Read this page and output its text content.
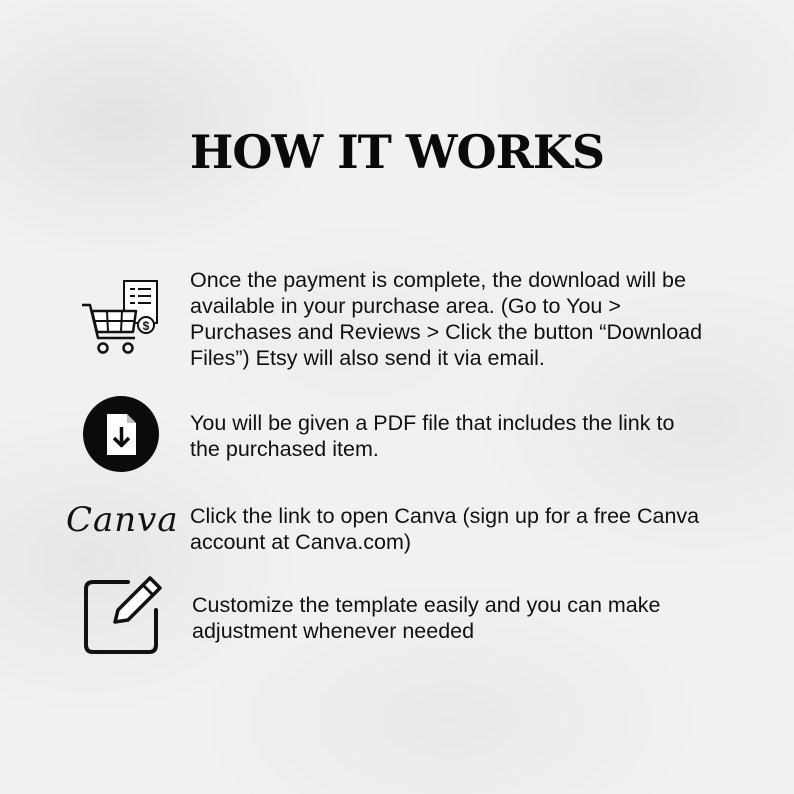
HOW IT WORKS
$
Once the payment is complete, the download will be available in your purchase area. (Go to You > Purchases and Reviews > Click the button “Download Files”) Etsy will also send it via email.
You will be given a PDF file that includes the link to the purchased item.
Canva Click the link to open Canva (sign up for a free Canva account at Canva.com)
Customize the template easily and you can make adjustment whenever needed
